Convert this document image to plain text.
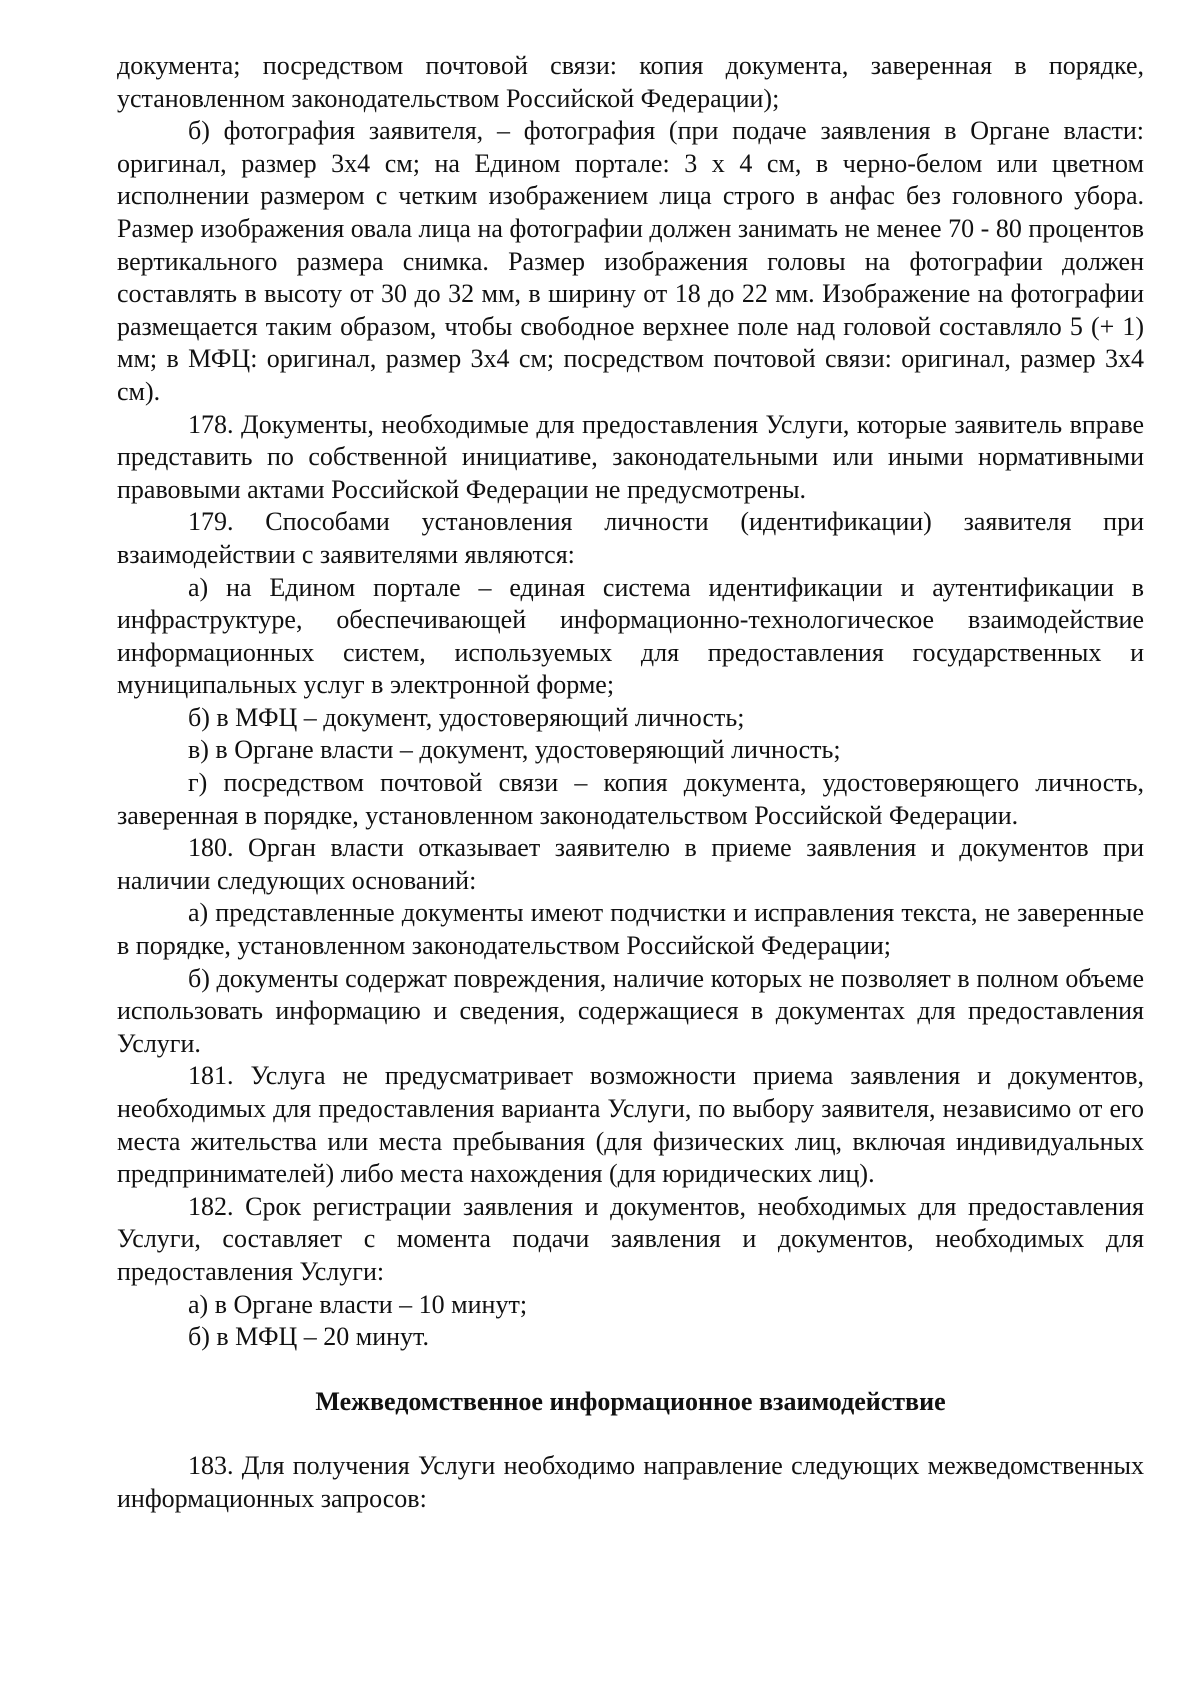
документа; посредством почтовой связи: копия документа, заверенная в порядке, установленном законодательством Российской Федерации);

б) фотография заявителя, – фотография (при подаче заявления в Органе власти: оригинал, размер 3х4 см; на Едином портале: 3 х 4 см, в черно-белом или цветном исполнении размером с четким изображением лица строго в анфас без головного убора. Размер изображения овала лица на фотографии должен занимать не менее 70 - 80 процентов вертикального размера снимка. Размер изображения головы на фотографии должен составлять в высоту от 30 до 32 мм, в ширину от 18 до 22 мм. Изображение на фотографии размещается таким образом, чтобы свободное верхнее поле над головой составляло 5 (+ 1) мм; в МФЦ: оригинал, размер 3х4 см; посредством почтовой связи: оригинал, размер 3х4 см).

178. Документы, необходимые для предоставления Услуги, которые заявитель вправе представить по собственной инициативе, законодательными или иными нормативными правовыми актами Российской Федерации не предусмотрены.

179. Способами установления личности (идентификации) заявителя при взаимодействии с заявителями являются:

а) на Едином портале – единая система идентификации и аутентификации в инфраструктуре, обеспечивающей информационно-технологическое взаимодействие информационных систем, используемых для предоставления государственных и муниципальных услуг в электронной форме;

б) в МФЦ – документ, удостоверяющий личность;

в) в Органе власти – документ, удостоверяющий личность;

г) посредством почтовой связи – копия документа, удостоверяющего личность, заверенная в порядке, установленном законодательством Российской Федерации.

180. Орган власти отказывает заявителю в приеме заявления и документов при наличии следующих оснований:

а) представленные документы имеют подчистки и исправления текста, не заверенные в порядке, установленном законодательством Российской Федерации;

б) документы содержат повреждения, наличие которых не позволяет в полном объеме использовать информацию и сведения, содержащиеся в документах для предоставления Услуги.

181. Услуга не предусматривает возможности приема заявления и документов, необходимых для предоставления варианта Услуги, по выбору заявителя, независимо от его места жительства или места пребывания (для физических лиц, включая индивидуальных предпринимателей) либо места нахождения (для юридических лиц).

182. Срок регистрации заявления и документов, необходимых для предоставления Услуги, составляет с момента подачи заявления и документов, необходимых для предоставления Услуги:

а) в Органе власти – 10 минут;

б) в МФЦ – 20 минут.

Межведомственное информационное взаимодействие

183. Для получения Услуги необходимо направление следующих межведомственных информационных запросов:
